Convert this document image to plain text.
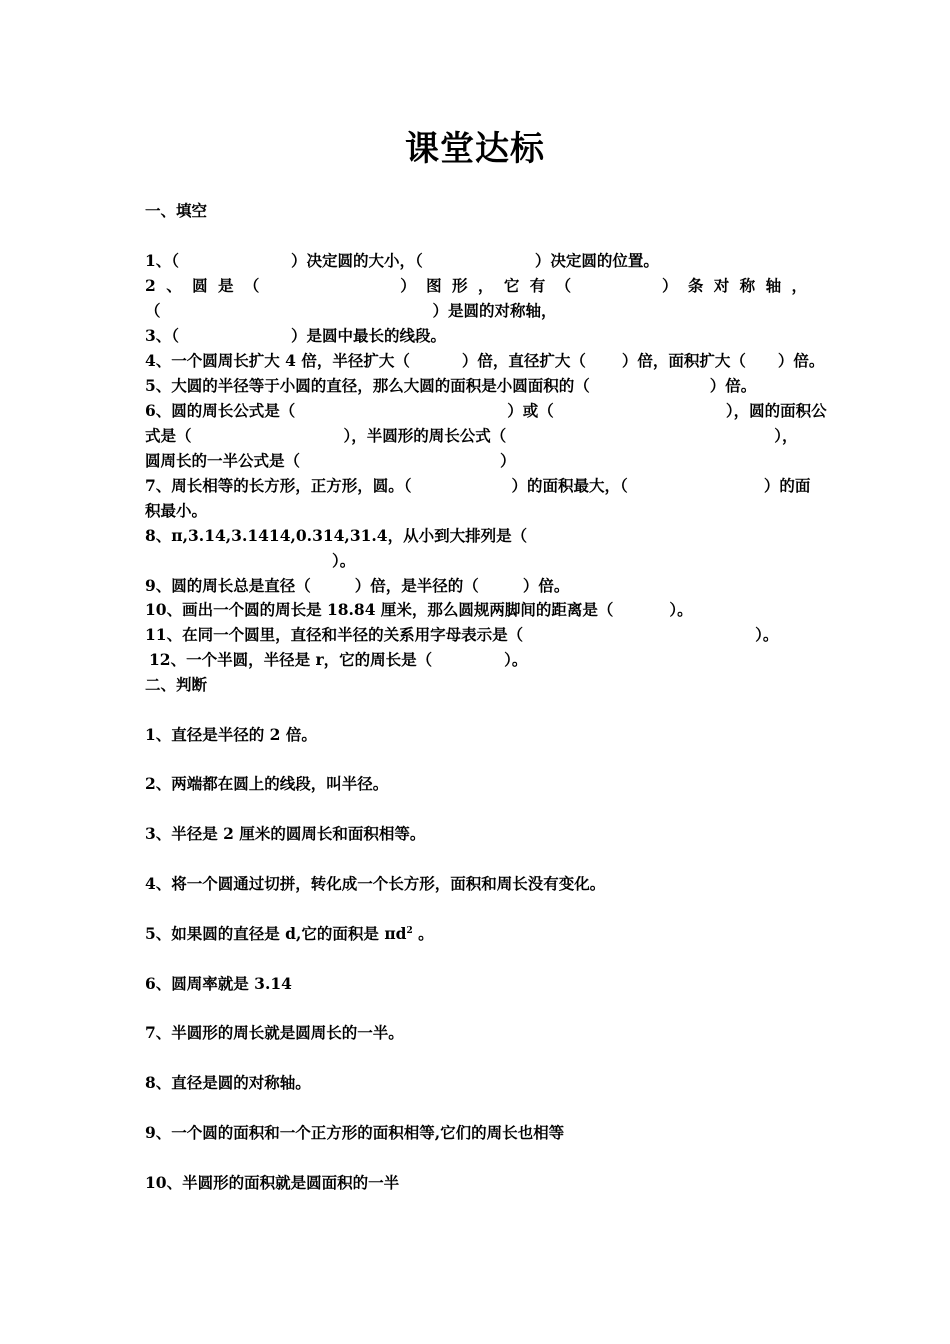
课堂达标
一、填空
1、（	）决定圆的大小，（	）决定圆的位置。
2 、 圆 是 （	） 图 形 ， 它 有 （	） 条 对 称 轴 ，
（	）是圆的对称轴，
3、（	）是圆中最长的线段。
4、一个圆周长扩大 4 倍，半径扩大（	）倍，直径扩大（ ）倍，面积扩大（ ）倍。
5、大圆的半径等于小圆的直径，那么大圆的面积是小圆面积的（	）倍。
6、圆的周长公式是（	）或（	），圆的面积公
式是（	），半圆形的周长公式（	），
圆周长的一半公式是（	）
7、周长相等的长方形，正方形，圆。（	）的面积最大，（	）的面
积最小。
8、π,3.14,3.1414,0.314,31.4，从小到大排列是（
）。
9、圆的周长总是直径（	）倍，是半径的（	）倍。
10、画出一个圆的周长是 18.84 厘米，那么圆规两脚间的距离是（	）。
11、在同一个圆里，直径和半径的关系用字母表示是（	）。
12、一个半圆，半径是 r，它的周长是（	）。
二、判断
1、直径是半径的 2 倍。
2、两端都在圆上的线段，叫半径。
3、半径是 2 厘米的圆周长和面积相等。
4、将一个圆通过切拼，转化成一个长方形，面积和周长没有变化。
5、如果圆的直径是 d,它的面积是 $\pi d^2$ 。
6、圆周率就是 3.14
7、半圆形的周长就是圆周长的一半。
8、直径是圆的对称轴。
9、一个圆的面积和一个正方形的面积相等,它们的周长也相等
10、半圆形的面积就是圆面积的一半
